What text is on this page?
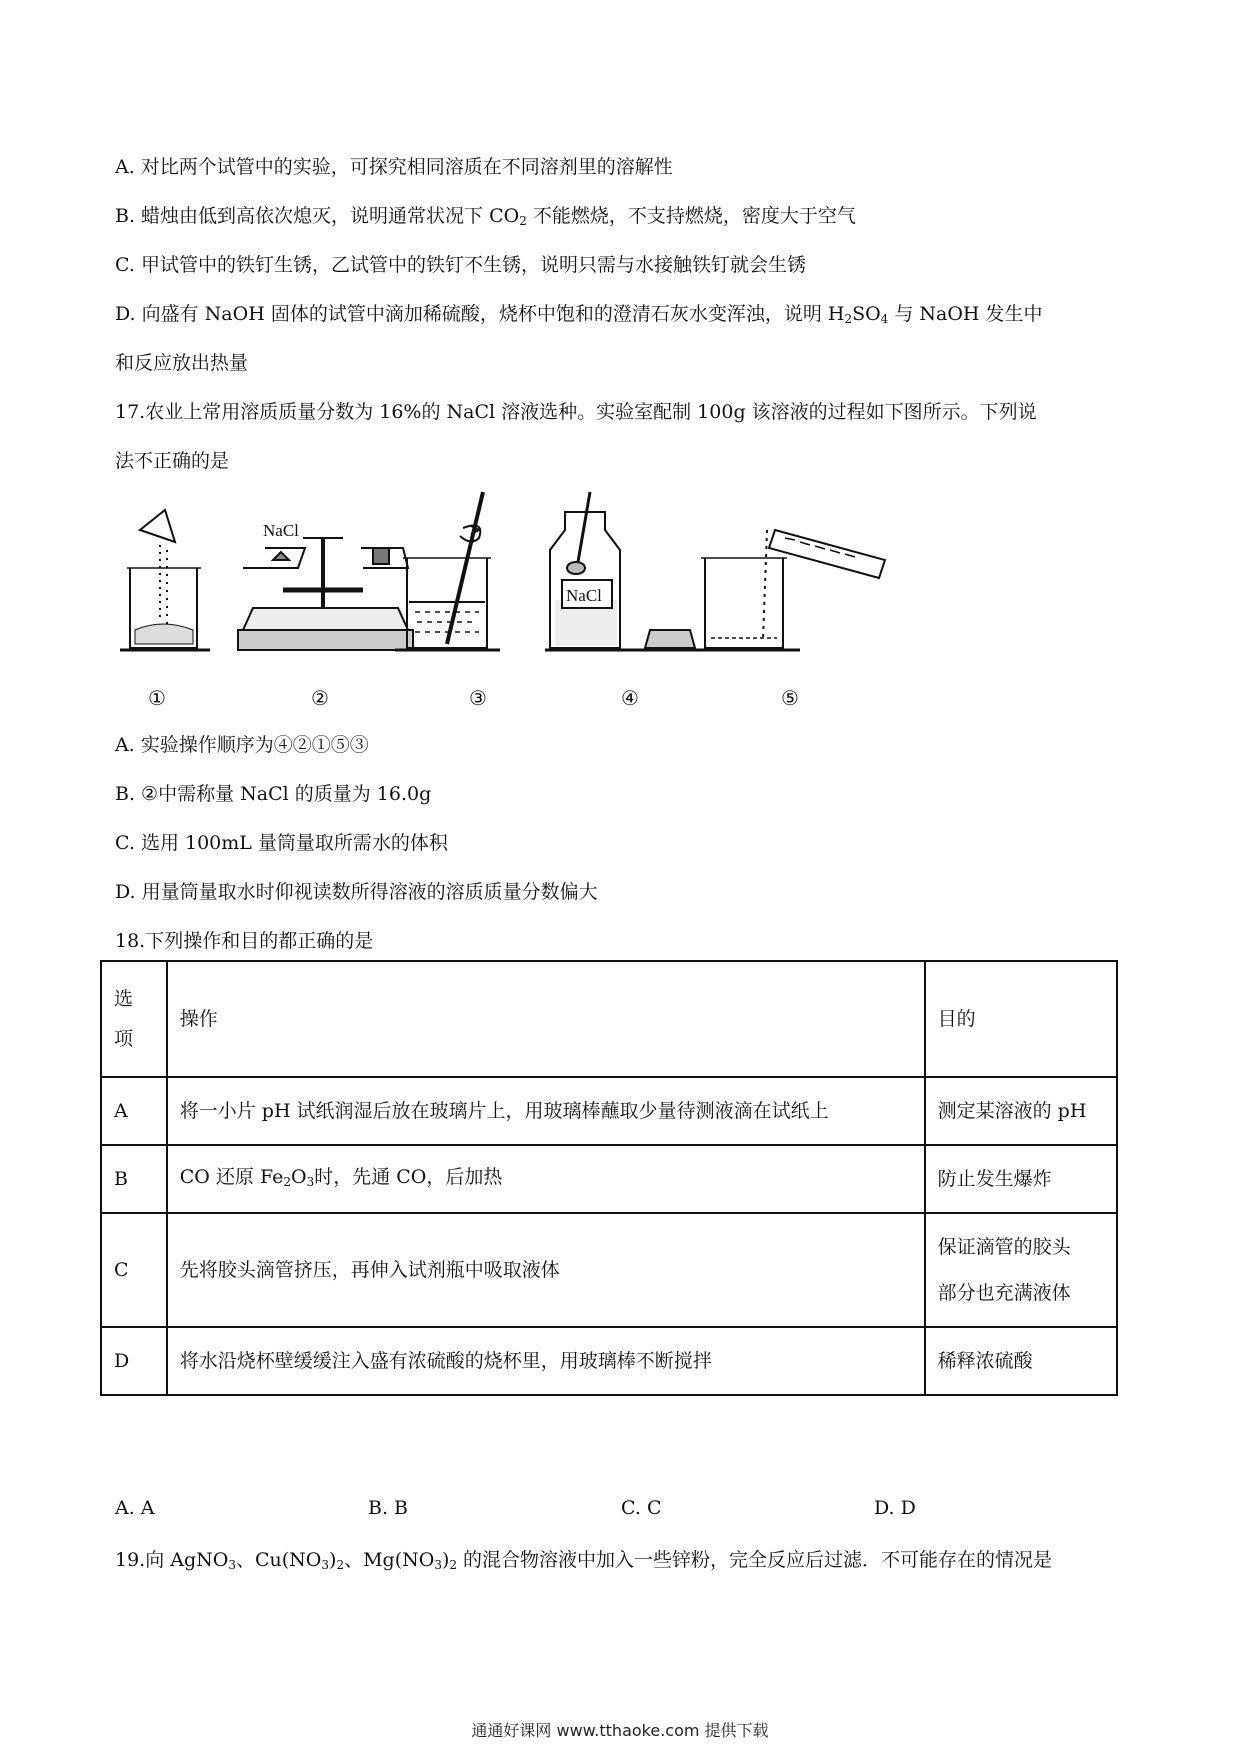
A. 对比两个试管中的实验，可探究相同溶质在不同溶剂里的溶解性
B. 蜡烛由低到高依次熄灭，说明通常状况下 $CO_2$ 不能燃烧，不支持燃烧，密度大于空气
C. 甲试管中的铁钉生锈，乙试管中的铁钉不生锈，说明只需与水接触铁钉就会生锈
D. 向盛有 NaOH 固体的试管中滴加稀硫酸，烧杯中饱和的澄清石灰水变浑浊，说明 $H_2SO_4$ 与 NaOH 发生中
和反应放出热量
17.农业上常用溶质质量分数为 16%的 NaCl 溶液选种。实验室配制 100g 该溶液的过程如下图所示。下列说
法不正确的是
NaCl
NaCl
①	②	③	④	⑤
A. 实验操作顺序为④②①⑤③
B. ②中需称量 NaCl 的质量为 16.0g
C. 选用 100mL 量筒量取所需水的体积
D. 用量筒量取水时仰视读数所得溶液的溶质质量分数偏大
18.下列操作和目的都正确的是
选
项	操作	目的
A	将一小片 pH 试纸润湿后放在玻璃片上，用玻璃棒蘸取少量待测液滴在试纸上	测定某溶液的 pH
B	CO 还原 $Fe_2O_3$时，先通 CO，后加热	防止发生爆炸
C	先将胶头滴管挤压，再伸入试剂瓶中吸取液体	保证滴管的胶头
部分也充满液体
D	将水沿烧杯壁缓缓注入盛有浓硫酸的烧杯里，用玻璃棒不断搅拌	稀释浓硫酸
A. A	B. B	C. C	D. D
19.向 AgNO$_3$、$Cu(NO_3)_2$、$Mg(NO_3)_2$ 的混合物溶液中加入一些锌粉，完全反应后过滤．不可能存在的情况是
通通好课网 www.tthaoke.com 提供下载
